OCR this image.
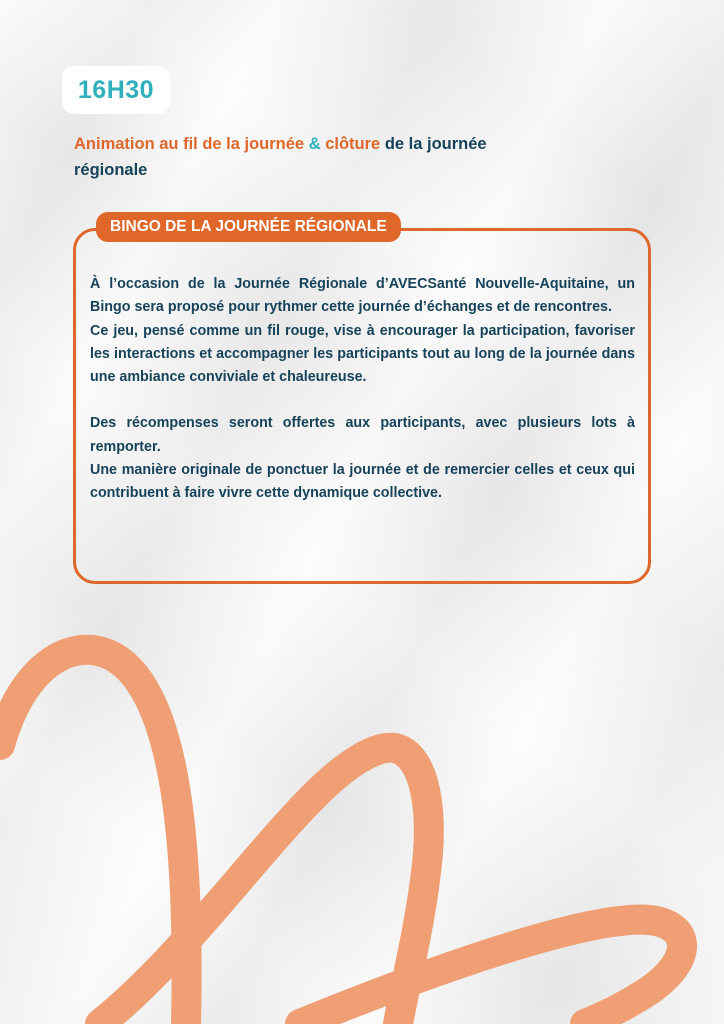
16H30
Animation au fil de la journée & clôture de la journée régionale
BINGO DE LA JOURNÉE RÉGIONALE

À l’occasion de la Journée Régionale d’AVECSanté Nouvelle-Aquitaine, un Bingo sera proposé pour rythmer cette journée d’échanges et de rencontres.

Ce jeu, pensé comme un fil rouge, vise à encourager la participation, favoriser les interactions et accompagner les participants tout au long de la journée dans une ambiance conviviale et chaleureuse.

Des récompenses seront offertes aux participants, avec plusieurs lots à remporter.

Une manière originale de ponctuer la journée et de remercier celles et ceux qui contribuent à faire vivre cette dynamique collective.
